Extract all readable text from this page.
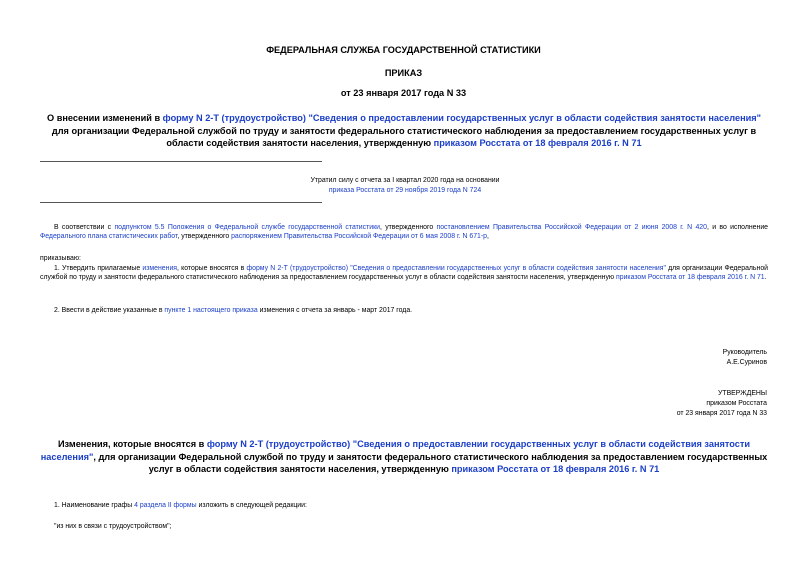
ФЕДЕРАЛЬНАЯ СЛУЖБА ГОСУДАРСТВЕННОЙ СТАТИСТИКИ

ПРИКАЗ

от 23 января 2017 года N 33

О внесении изменений в форму N 2-Т (трудоустройство) "Сведения о предоставлении государственных услуг в области содействия занятости населения" для организации Федеральной службой по труду и занятости федерального статистического наблюдения за предоставлением государственных услуг в области содействия занятости населения, утвержденную приказом Росстата от 18 февраля 2016 г. N 71

Утратил силу с отчета за I квартал 2020 года на основании

приказа Росстата от 29 ноября 2019 года N 724

В соответствии с подпунктом 5.5 Положения о Федеральной службе государственной статистики, утвержденного постановлением Правительства Российской Федерации от 2 июня 2008 г. N 420, и во исполнение Федерального плана статистических работ, утвержденного распоряжением Правительства Российской Федерации от 6 мая 2008 г. N 671-р,

приказываю:

1. Утвердить прилагаемые изменения, которые вносятся в форму N 2-Т (трудоустройство) "Сведения о предоставлении государственных услуг в области содействия занятости населения" для организации Федеральной службой по труду и занятости федерального статистического наблюдения за предоставлением государственных услуг в области содействия занятости населения, утвержденную приказом Росстата от 18 февраля 2016 г. N 71.

2. Ввести в действие указанные в пункте 1 настоящего приказа изменения с отчета за январь - март 2017 года.

Руководитель

А.Е.Суринов

УТВЕРЖДЕНЫ

приказом Росстата

от 23 января 2017 года N 33

Изменения, которые вносятся в форму N 2-Т (трудоустройство) "Сведения о предоставлении государственных услуг в области содействия занятости населения", для организации Федеральной службой по труду и занятости федерального статистического наблюдения за предоставлением государственных услуг в области содействия занятости населения, утвержденную приказом Росстата от 18 февраля 2016 г. N 71

1. Наименование графы 4 раздела II формы изложить в следующей редакции:

"из них в связи с трудоустройством";
